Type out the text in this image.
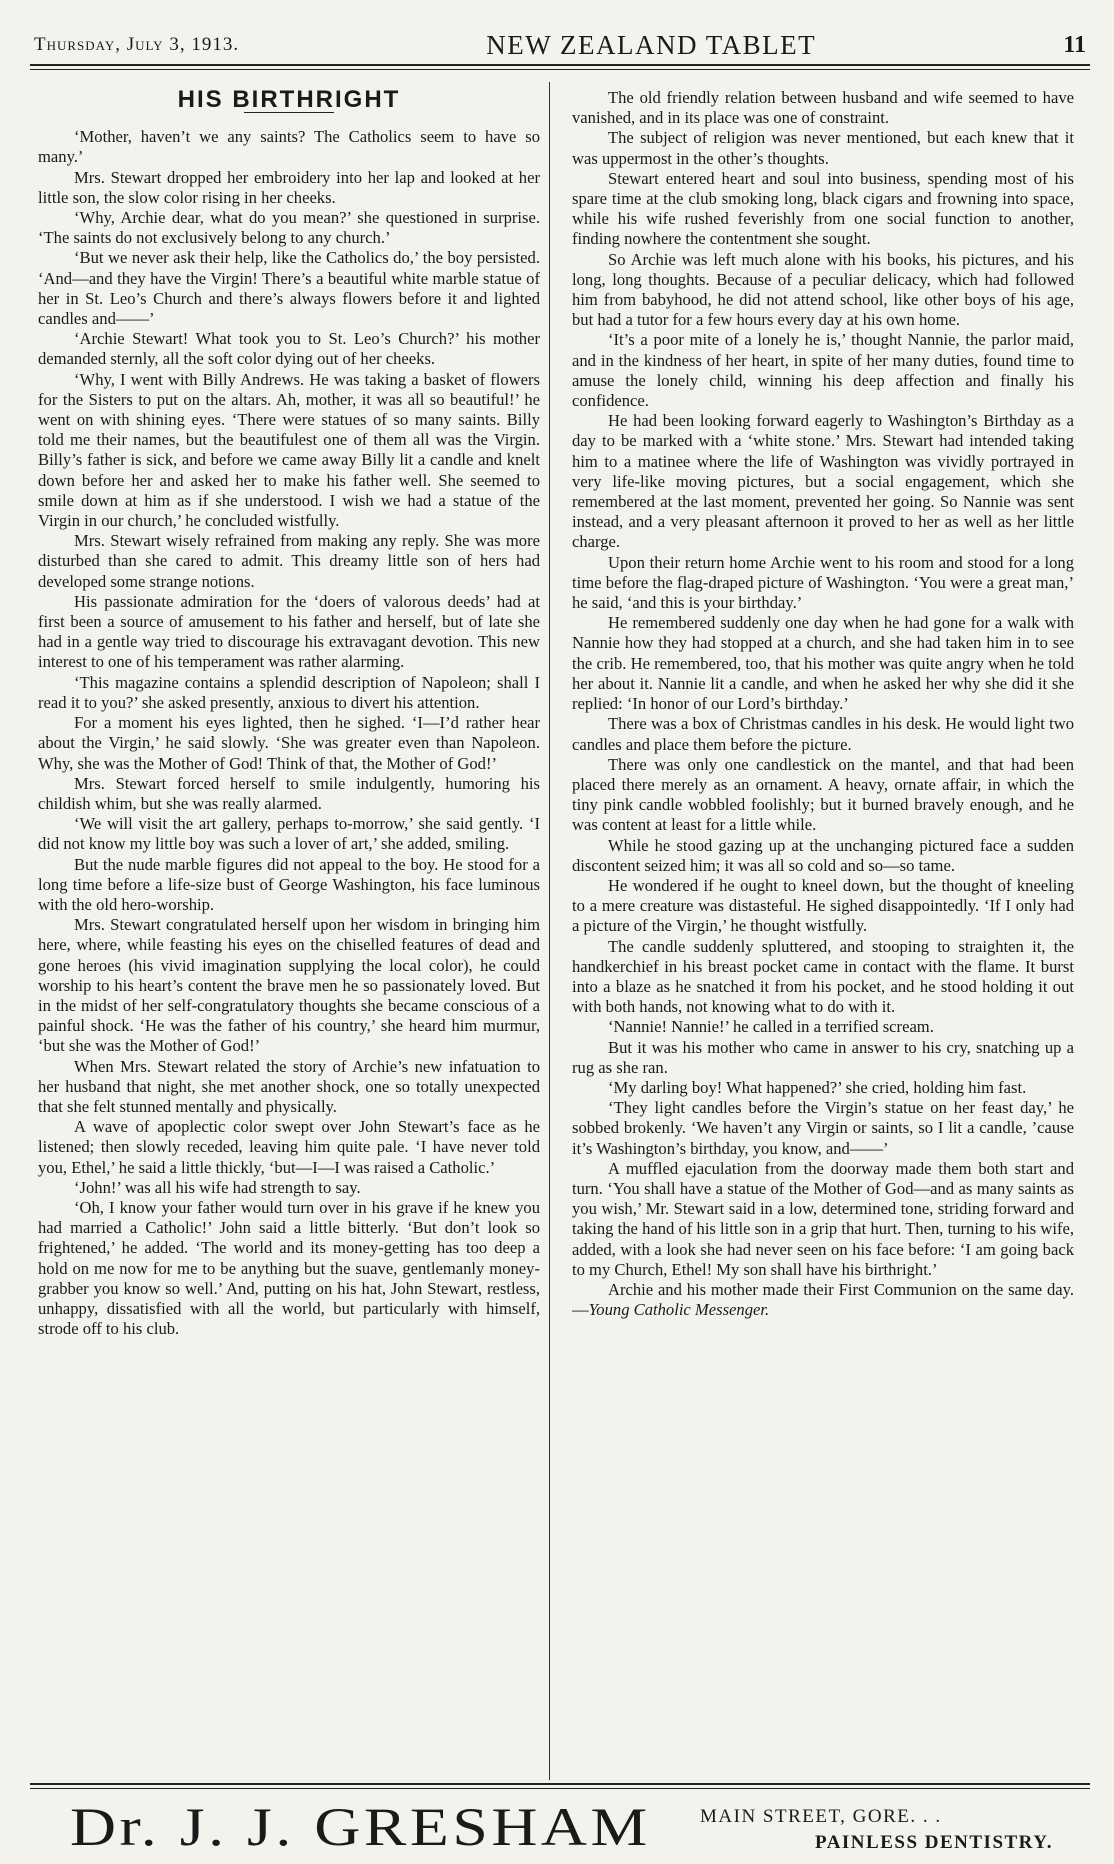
Thursday, July 3, 1913.	NEW ZEALAND TABLET	11
HIS BIRTHRIGHT

‘Mother, haven’t we any saints? The Catholics seem to have so many.’

Mrs. Stewart dropped her embroidery into her lap and looked at her little son, the slow color rising in her cheeks.

‘Why, Archie dear, what do you mean?’ she questioned in surprise. ‘The saints do not exclusively belong to any church.’

‘But we never ask their help, like the Catholics do,’ the boy persisted. ‘And—and they have the Virgin! There’s a beautiful white marble statue of her in St. Leo’s Church and there’s always flowers before it and lighted candles and——’

‘Archie Stewart! What took you to St. Leo’s Church?’ his mother demanded sternly, all the soft color dying out of her cheeks.

‘Why, I went with Billy Andrews. He was taking a basket of flowers for the Sisters to put on the altars. Ah, mother, it was all so beautiful!’ he went on with shining eyes. ‘There were statues of so many saints. Billy told me their names, but the beautifulest one of them all was the Virgin. Billy’s father is sick, and before we came away Billy lit a candle and knelt down before her and asked her to make his father well. She seemed to smile down at him as if she understood. I wish we had a statue of the Virgin in our church,’ he concluded wistfully.

Mrs. Stewart wisely refrained from making any reply. She was more disturbed than she cared to admit. This dreamy little son of hers had developed some strange notions.

His passionate admiration for the ‘doers of valorous deeds’ had at first been a source of amusement to his father and herself, but of late she had in a gentle way tried to discourage his extravagant devotion. This new interest to one of his temperament was rather alarming.

‘This magazine contains a splendid description of Napoleon; shall I read it to you?’ she asked presently, anxious to divert his attention.

For a moment his eyes lighted, then he sighed. ‘I—I’d rather hear about the Virgin,’ he said slowly. ‘She was greater even than Napoleon. Why, she was the Mother of God! Think of that, the Mother of God!’

Mrs. Stewart forced herself to smile indulgently, humoring his childish whim, but she was really alarmed.

‘We will visit the art gallery, perhaps to-morrow,’ she said gently. ‘I did not know my little boy was such a lover of art,’ she added, smiling.

But the nude marble figures did not appeal to the boy. He stood for a long time before a life-size bust of George Washington, his face luminous with the old hero-worship.

Mrs. Stewart congratulated herself upon her wisdom in bringing him here, where, while feasting his eyes on the chiselled features of dead and gone heroes (his vivid imagination supplying the local color), he could worship to his heart’s content the brave men he so passionately loved. But in the midst of her self-congratulatory thoughts she became conscious of a painful shock. ‘He was the father of his country,’ she heard him murmur, ‘but she was the Mother of God!’

When Mrs. Stewart related the story of Archie’s new infatuation to her husband that night, she met another shock, one so totally unexpected that she felt stunned mentally and physically.

A wave of apoplectic color swept over John Stewart’s face as he listened; then slowly receded, leaving him quite pale. ‘I have never told you, Ethel,’ he said a little thickly, ‘but—I—I was raised a Catholic.’

‘John!’ was all his wife had strength to say.

‘Oh, I know your father would turn over in his grave if he knew you had married a Catholic!’ John said a little bitterly. ‘But don’t look so frightened,’ he added. ‘The world and its money-getting has too deep a hold on me now for me to be anything but the suave, gentlemanly money-grabber you know so well.’ And, putting on his hat, John Stewart, restless, unhappy, dissatisfied with all the world, but particularly with himself, strode off to his club.

The old friendly relation between husband and wife seemed to have vanished, and in its place was one of constraint.

The subject of religion was never mentioned, but each knew that it was uppermost in the other’s thoughts.

Stewart entered heart and soul into business, spending most of his spare time at the club smoking long, black cigars and frowning into space, while his wife rushed feverishly from one social function to another, finding nowhere the contentment she sought.

So Archie was left much alone with his books, his pictures, and his long, long thoughts. Because of a peculiar delicacy, which had followed him from babyhood, he did not attend school, like other boys of his age, but had a tutor for a few hours every day at his own home.

‘It’s a poor mite of a lonely he is,’ thought Nannie, the parlor maid, and in the kindness of her heart, in spite of her many duties, found time to amuse the lonely child, winning his deep affection and finally his confidence.

He had been looking forward eagerly to Washington’s Birthday as a day to be marked with a ‘white stone.’ Mrs. Stewart had intended taking him to a matinee where the life of Washington was vividly portrayed in very life-like moving pictures, but a social engagement, which she remembered at the last moment, prevented her going. So Nannie was sent instead, and a very pleasant afternoon it proved to her as well as her little charge.

Upon their return home Archie went to his room and stood for a long time before the flag-draped picture of Washington. ‘You were a great man,’ he said, ‘and this is your birthday.’

He remembered suddenly one day when he had gone for a walk with Nannie how they had stopped at a church, and she had taken him in to see the crib. He remembered, too, that his mother was quite angry when he told her about it. Nannie lit a candle, and when he asked her why she did it she replied: ‘In honor of our Lord’s birthday.’

There was a box of Christmas candles in his desk. He would light two candles and place them before the picture.

There was only one candlestick on the mantel, and that had been placed there merely as an ornament. A heavy, ornate affair, in which the tiny pink candle wobbled foolishly; but it burned bravely enough, and he was content at least for a little while.

While he stood gazing up at the unchanging pictured face a sudden discontent seized him; it was all so cold and so—so tame.

He wondered if he ought to kneel down, but the thought of kneeling to a mere creature was distasteful. He sighed disappointedly. ‘If I only had a picture of the Virgin,’ he thought wistfully.

The candle suddenly spluttered, and stooping to straighten it, the handkerchief in his breast pocket came in contact with the flame. It burst into a blaze as he snatched it from his pocket, and he stood holding it out with both hands, not knowing what to do with it.

‘Nannie! Nannie!’ he called in a terrified scream.

But it was his mother who came in answer to his cry, snatching up a rug as she ran.

‘My darling boy! What happened?’ she cried, holding him fast.

‘They light candles before the Virgin’s statue on her feast day,’ he sobbed brokenly. ‘We haven’t any Virgin or saints, so I lit a candle, ’cause it’s Washington’s birthday, you know, and——’

A muffled ejaculation from the doorway made them both start and turn. ‘You shall have a statue of the Mother of God—and as many saints as you wish,’ Mr. Stewart said in a low, determined tone, striding forward and taking the hand of his little son in a grip that hurt. Then, turning to his wife, added, with a look she had never seen on his face before: ‘I am going back to my Church, Ethel! My son shall have his birthright.’

Archie and his mother made their First Communion on the same day.—Young Catholic Messenger.

Dr. J. J. GRESHAM	MAIN STREET, GORE. . .
PAINLESS DENTISTRY.
